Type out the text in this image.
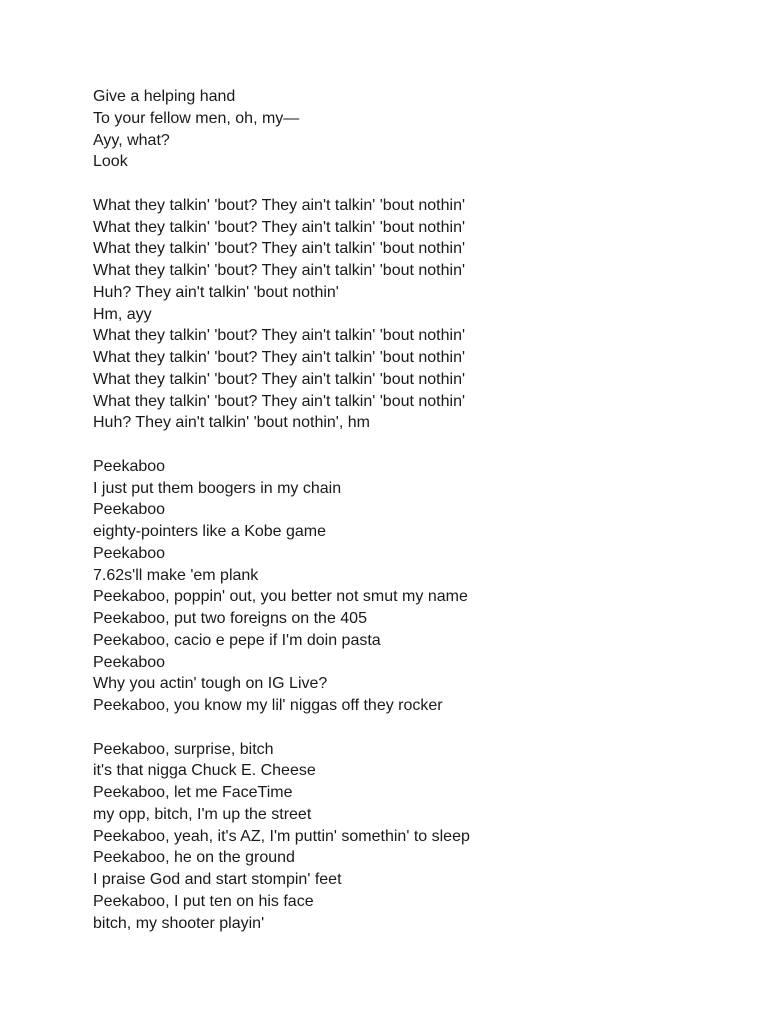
Give a helping hand
To your fellow men, oh, my—
Ayy, what?
Look
What they talkin' 'bout? They ain't talkin' 'bout nothin'
What they talkin' 'bout? They ain't talkin' 'bout nothin'
What they talkin' 'bout? They ain't talkin' 'bout nothin'
What they talkin' 'bout? They ain't talkin' 'bout nothin'
Huh? They ain't talkin' 'bout nothin'
Hm, ayy
What they talkin' 'bout? They ain't talkin' 'bout nothin'
What they talkin' 'bout? They ain't talkin' 'bout nothin'
What they talkin' 'bout? They ain't talkin' 'bout nothin'
What they talkin' 'bout? They ain't talkin' 'bout nothin'
Huh? They ain't talkin' 'bout nothin', hm
Peekaboo
I just put them boogers in my chain
Peekaboo
eighty-pointers like a Kobe game
Peekaboo
7.62s'll make 'em plank
Peekaboo, poppin' out, you better not smut my name
Peekaboo, put two foreigns on the 405
Peekaboo, cacio e pepe if I'm doin pasta
Peekaboo
Why you actin' tough on IG Live?
Peekaboo, you know my lil' niggas off they rocker
Peekaboo, surprise, bitch
it's that nigga Chuck E. Cheese
Peekaboo, let me FaceTime
my opp, bitch, I'm up the street
Peekaboo, yeah, it's AZ, I'm puttin' somethin' to sleep
Peekaboo, he on the ground
I praise God and start stompin' feet
Peekaboo, I put ten on his face
bitch, my shooter playin'
